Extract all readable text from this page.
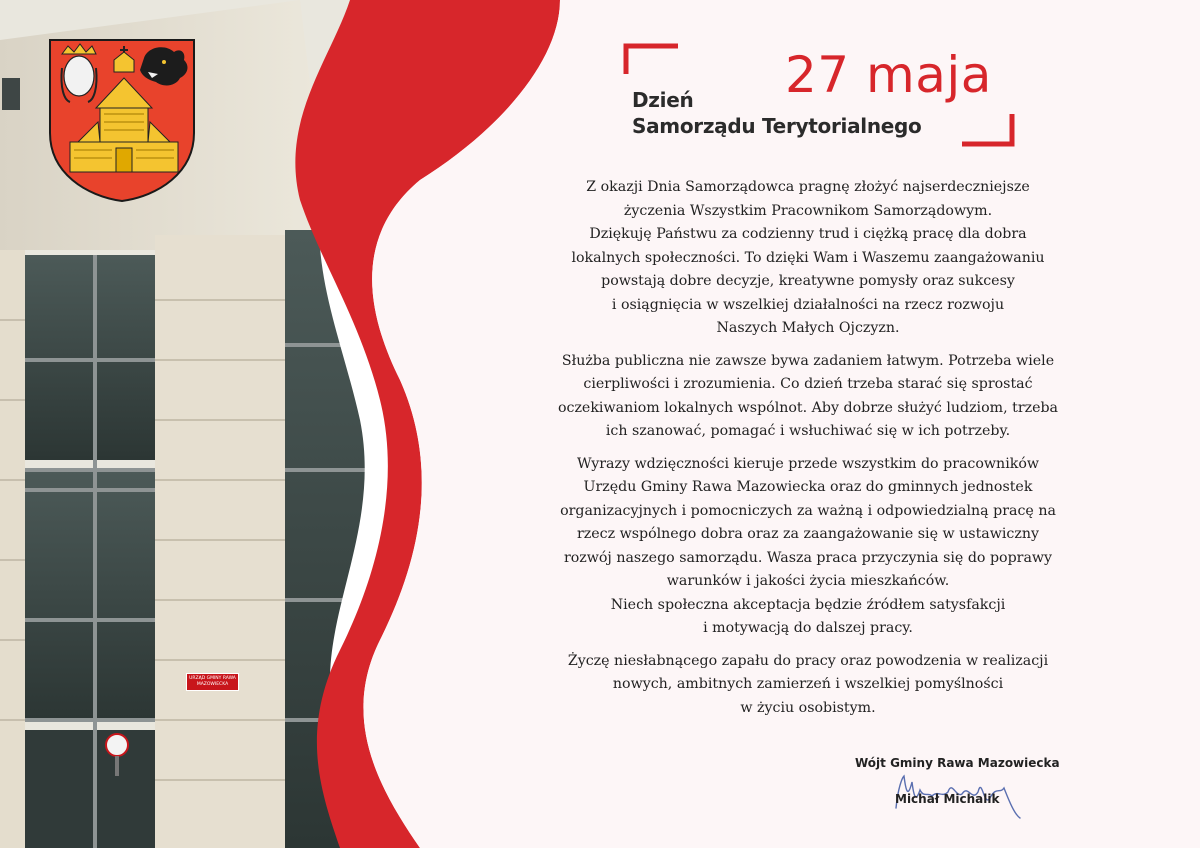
URZĄD GMINY RAWA MAZOWIECKA
27 maja
Dzień
Samorządu Terytorialnego

Z okazji Dnia Samorządowca pragnę złożyć najserdeczniejsze
życzenia Wszystkim Pracownikom Samorządowym.
Dziękuję Państwu za codzienny trud i ciężką pracę dla dobra
lokalnych społeczności. To dzięki Wam i Waszemu zaangażowaniu
powstają dobre decyzje, kreatywne pomysły oraz sukcesy
i osiągnięcia w wszelkiej działalności na rzecz rozwoju
Naszych Małych Ojczyzn.

Służba publiczna nie zawsze bywa zadaniem łatwym. Potrzeba wiele
cierpliwości i zrozumienia. Co dzień trzeba starać się sprostać
oczekiwaniom lokalnych wspólnot. Aby dobrze służyć ludziom, trzeba
ich szanować, pomagać i wsłuchiwać się w ich potrzeby.

Wyrazy wdzięczności kieruje przede wszystkim do pracowników
Urzędu Gminy Rawa Mazowiecka oraz do gminnych jednostek
organizacyjnych i pomocniczych za ważną i odpowiedzialną pracę na
rzecz wspólnego dobra oraz za zaangażowanie się w ustawiczny
rozwój naszego samorządu. Wasza praca przyczynia się do poprawy
warunków i jakości życia mieszkańców.
Niech społeczna akceptacja będzie źródłem satysfakcji
i motywacją do dalszej pracy.

Życzę niesłabnącego zapału do pracy oraz powodzenia w realizacji
nowych, ambitnych zamierzeń i wszelkiej pomyślności
w życiu osobistym.

Wójt Gminy Rawa Mazowiecka
Michał Michalik
